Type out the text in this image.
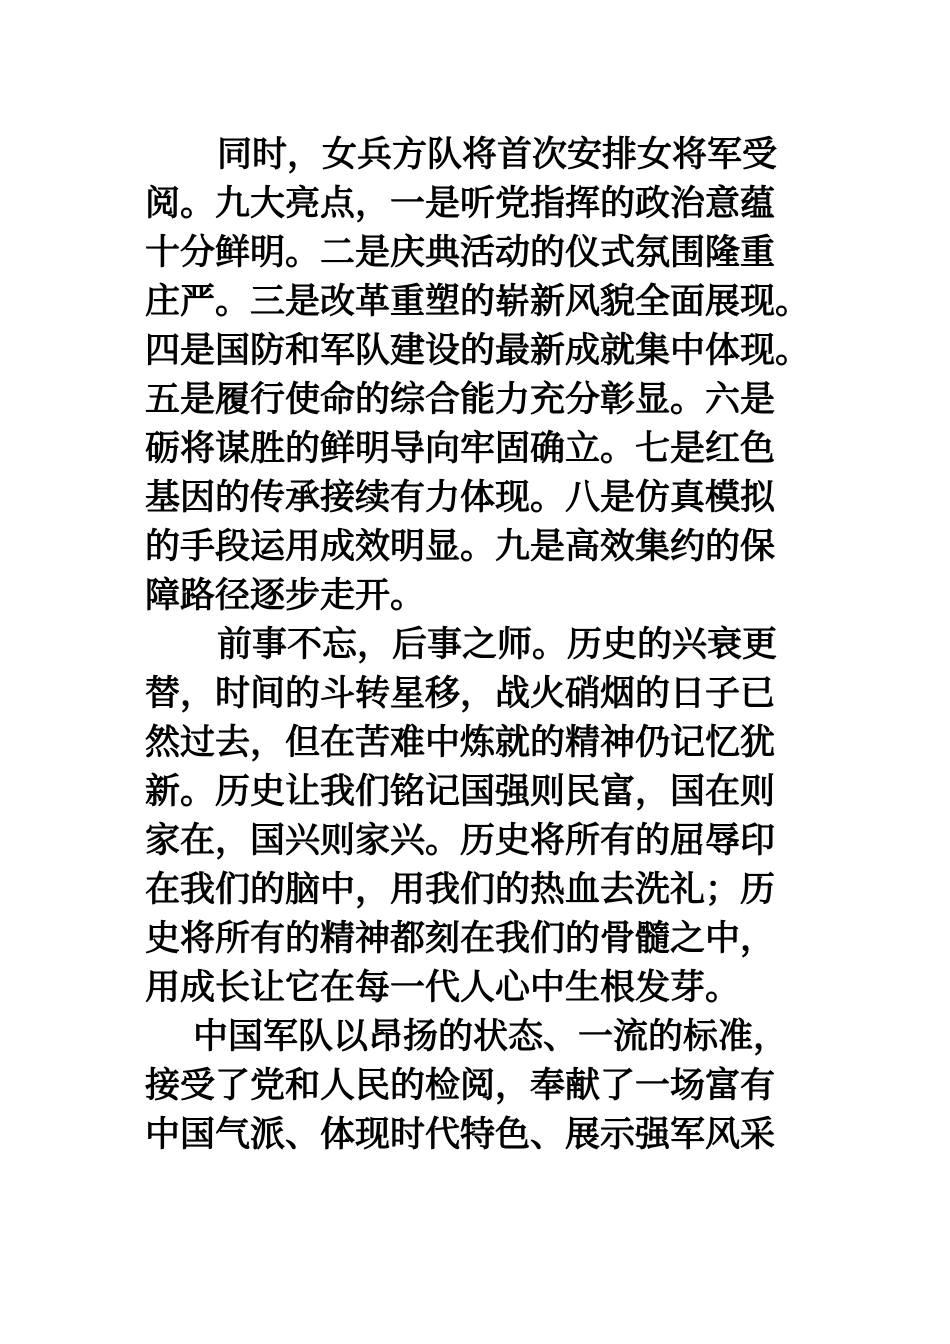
同时，女兵方队将首次安排女将军受
阅。九大亮点，一是听党指挥的政治意蕴
十分鲜明。二是庆典活动的仪式氛围隆重
庄严。三是改革重塑的崭新风貌全面展现。
四是国防和军队建设的最新成就集中体现。
五是履行使命的综合能力充分彰显。六是
砺将谋胜的鲜明导向牢固确立。七是红色
基因的传承接续有力体现。八是仿真模拟
的手段运用成效明显。九是高效集约的保
障路径逐步走开。
前事不忘，后事之师。历史的兴衰更
替，时间的斗转星移，战火硝烟的日子已
然过去，但在苦难中炼就的精神仍记忆犹
新。历史让我们铭记国强则民富，国在则
家在，国兴则家兴。历史将所有的屈辱印
在我们的脑中，用我们的热血去洗礼；历
史将所有的精神都刻在我们的骨髓之中，
用成长让它在每一代人心中生根发芽。
中国军队以昂扬的状态、一流的标准，
接受了党和人民的检阅，奉献了一场富有
中国气派、体现时代特色、展示强军风采
